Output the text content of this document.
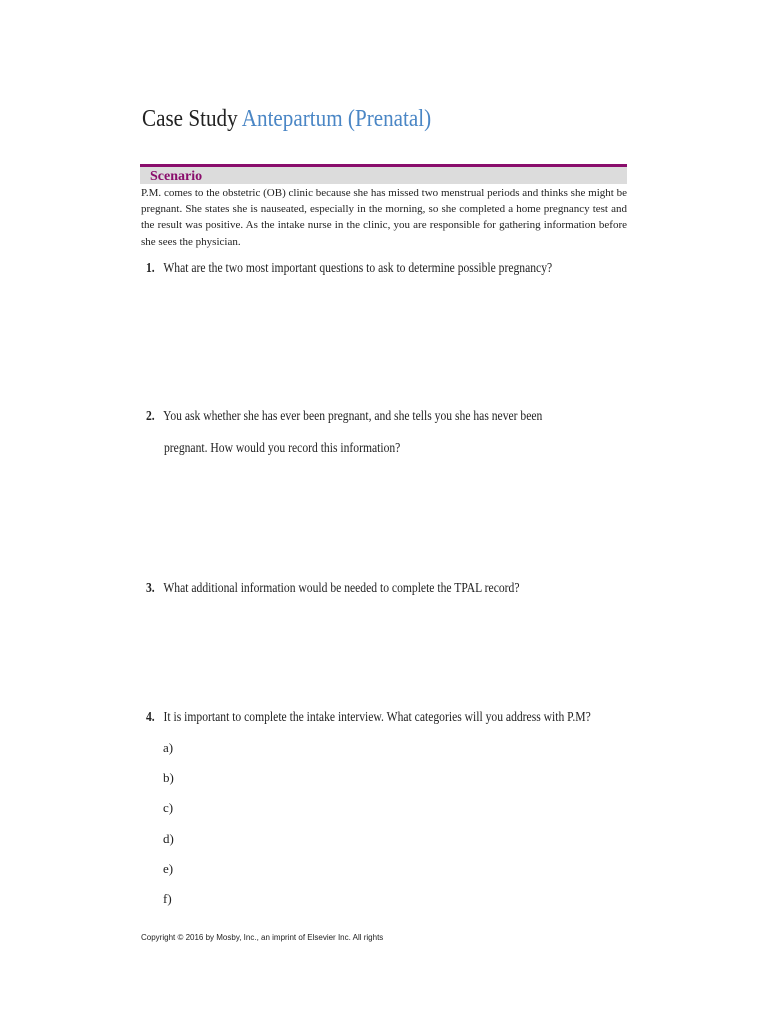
Case Study Antepartum (Prenatal)
Scenario

P.M. comes to the obstetric (OB) clinic because she has missed two menstrual periods and thinks she might be pregnant. She states she is nauseated, especially in the morning, so she completed a home pregnancy test and the result was positive. As the intake nurse in the clinic, you are responsible for gathering information before she sees the physician.

1. What are the two most important questions to ask to determine possible pregnancy?
2. You ask whether she has ever been pregnant, and she tells you she has never been
pregnant. How would you record this information?
3. What additional information would be needed to complete the TPAL record?
4. It is important to complete the intake interview. What categories will you address with P.M?
a)
b)
c)
d)
e)
f)
Copyright © 2016 by Mosby, Inc., an imprint of Elsevier Inc. All rights
